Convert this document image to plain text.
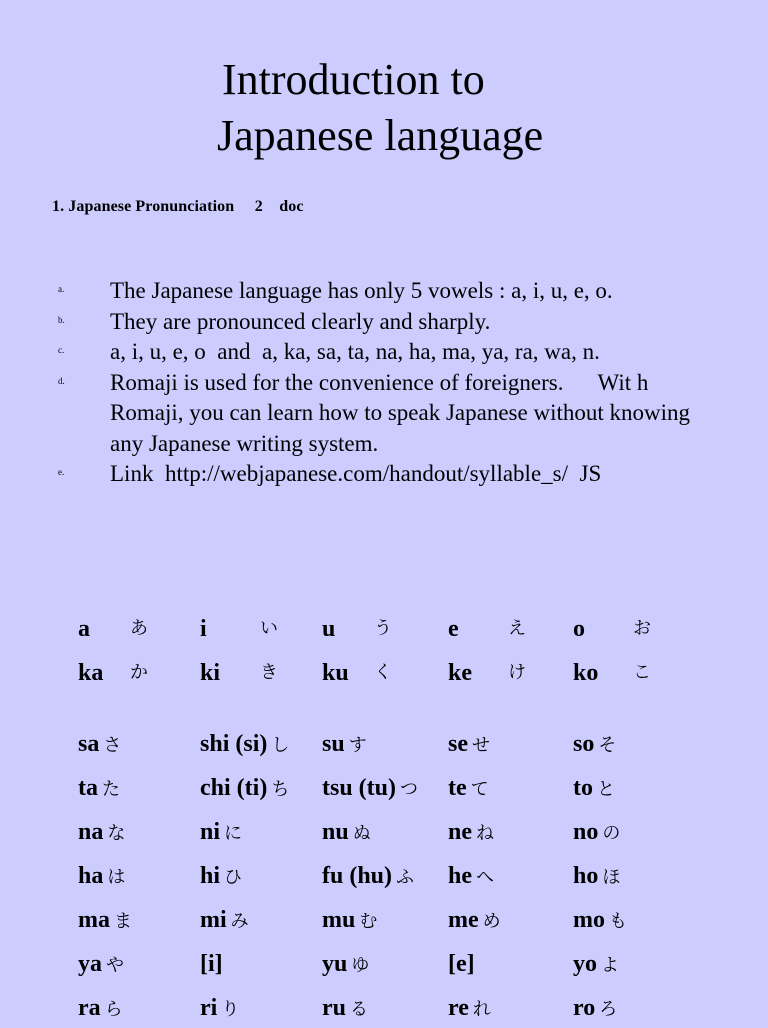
Introduction to
Japanese language
1. Japanese Pronunciation     2    doc
a. The Japanese language has only 5 vowels : a, i, u, e, o.
b. They are pronounced clearly and sharply.
c. a, i, u, e, o  and  a, ka, sa, ta, na, ha, ma, ya, ra, wa, n.
d. Romaji is used for the convenience of foreigners.      Wit h Romaji, you can learn how to speak Japanese without knowing any Japanese writing system.
e. Link  http://webjapanese.com/handout/syllable_s/  JS
a あ i	い u う e	え o	お
ka か ki き ku く ke け ko こ
sa さ	shi (si) し su す	se せ	so そ
ta た	chi (ti) ち tsu (tu) つ te て	to と
na な	ni に	nu ぬ	ne ね	no の
ha は	hi ひ	fu (hu) ふ he へ	ho ほ
ma ま	mi み	mu む	me め	mo も
ya や	[i]	yu ゆ	[e]	yo よ
ra ら	ri り	ru る	re れ	ro ろ
